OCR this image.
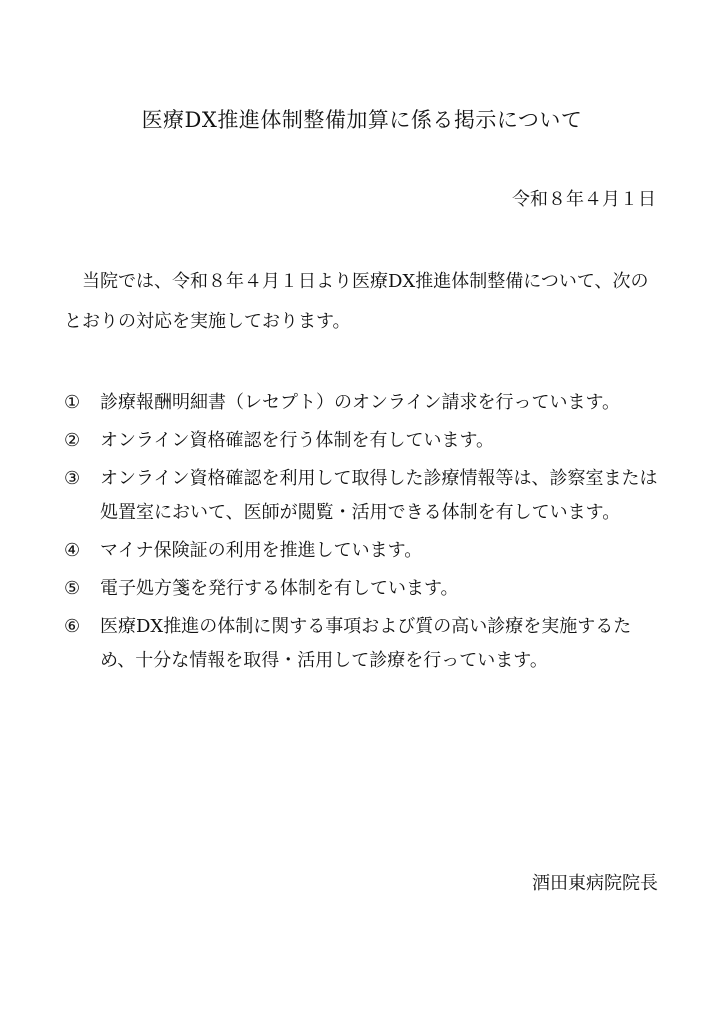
医療DX推進体制整備加算に係る掲示について
令和８年４月１日

当院では、令和８年４月１日より医療DX推進体制整備について、次のとおりの対応を実施しております。

①	診療報酬明細書（レセプト）のオンライン請求を行っています。
②	オンライン資格確認を行う体制を有しています。
③	オンライン資格確認を利用して取得した診療情報等は、診察室または処置室において、医師が閲覧・活用できる体制を有しています。
④	マイナ保険証の利用を推進しています。
⑤	電子処方箋を発行する体制を有しています。
⑥	医療DX推進の体制に関する事項および質の高い診療を実施するため、十分な情報を取得・活用して診療を行っています。
酒田東病院院長
